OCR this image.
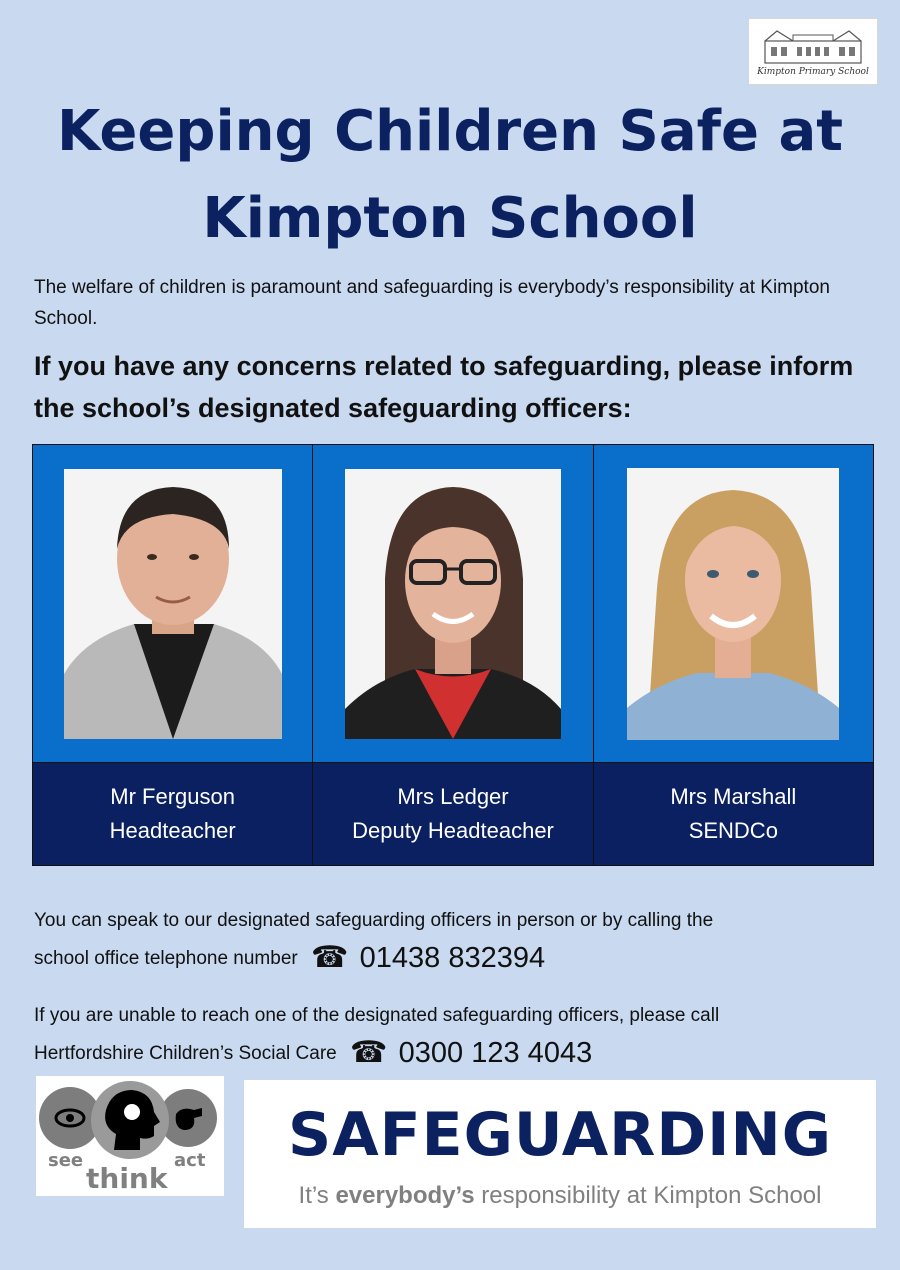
Kimpton Primary School
Keeping Children Safe at
Kimpton School

The welfare of children is paramount and safeguarding is everybody’s responsibility at Kimpton School.

If you have any concerns related to safeguarding, please inform the school’s designated safeguarding officers:

Mr Ferguson
Headteacher
Mrs Ledger
Deputy Headteacher
Mrs Marshall
SENDCo
You can speak to our designated safeguarding officers in person or by calling the
school office telephone number ☎ 01438 832394
If you are unable to reach one of the designated safeguarding officers, please call
Hertfordshire Children’s Social Care ☎ 0300 123 4043
see	act
think
SAFEGUARDING
It’s everybody’s responsibility at Kimpton School
